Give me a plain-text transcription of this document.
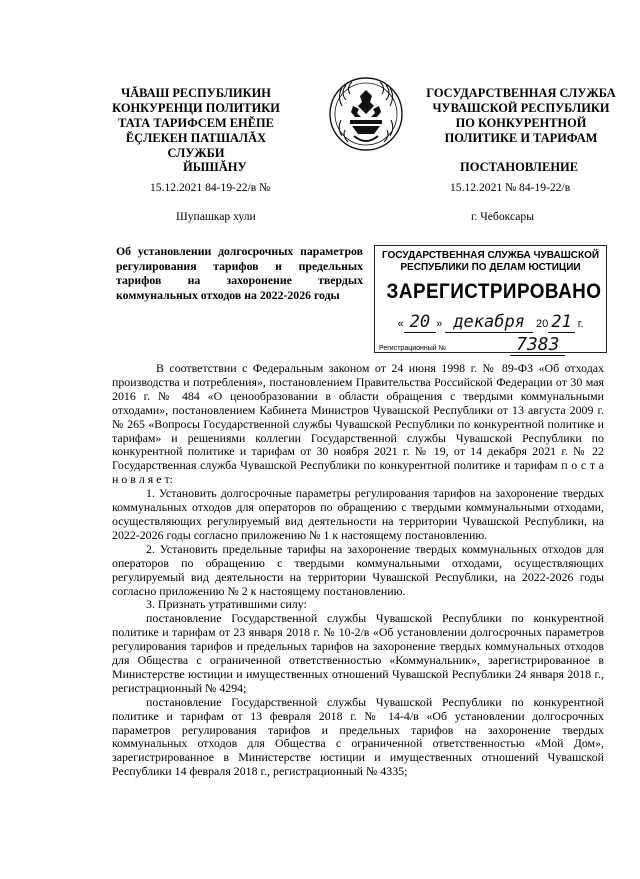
ЧĂВАШ РЕСПУБЛИКИН
КОНКУРЕНЦИ ПОЛИТИКИ
ТАТА ТАРИФСЕМ ЕНĔПЕ
ĔÇЛЕКЕН ПАТШАЛĂХ СЛУЖБИ
ГОСУДАРСТВЕННАЯ СЛУЖБА
ЧУВАШСКОЙ РЕСПУБЛИКИ
ПО КОНКУРЕНТНОЙ
ПОЛИТИКЕ И ТАРИФАМ
ЙЫШĂНУ	ПОСТАНОВЛЕНИЕ
15.12.2021 84-19-22/в №	15.12.2021 № 84-19-22/в
Шупашкар хули	г. Чебоксары
Об установлении долгосрочных параметров регулирования тарифов и предельных тарифов на захоронение твердых коммунальных отходов на 2022-2026 годы
ГОСУДАРСТВЕННАЯ СЛУЖБА ЧУВАШСКОЙ
РЕСПУБЛИКИ ПО ДЕЛАМ ЮСТИЦИИ
ЗАРЕГИСТРИРОВАНО
« 20 » декабря 20 21 г.
Регистрационный №	7383

В соответствии с Федеральным законом от 24 июня 1998 г. № 89-ФЗ «Об отходах производства и потребления», постановлением Правительства Российской Федерации от 30 мая 2016 г. № 484 «О ценообразовании в области обращения с твердыми коммунальными отходами», постановлением Кабинета Министров Чувашской Республики от 13 августа 2009 г. № 265 «Вопросы Государственной службы Чувашской Республики по конкурентной политике и тарифам» и решениями коллегии Государственной службы Чувашской Республики по конкурентной политике и тарифам от 30 ноября 2021 г. № 19, от 14 декабря 2021 г. № 22 Государственная служба Чувашской Республики по конкурентной политике и тарифам п о с т а н о в л я е т:

1. Установить долгосрочные параметры регулирования тарифов на захоронение твердых коммунальных отходов для операторов по обращению с твердыми коммунальными отходами, осуществляющих регулируемый вид деятельности на территории Чувашской Республики, на 2022-2026 годы согласно приложению № 1 к настоящему постановлению.

2. Установить предельные тарифы на захоронение твердых коммунальных отходов для операторов по обращению с твердыми коммунальными отходами, осуществляющих регулируемый вид деятельности на территории Чувашской Республики, на 2022-2026 годы согласно приложению № 2 к настоящему постановлению.

3. Признать утратившими силу:

постановление Государственной службы Чувашской Республики по конкурентной политике и тарифам от 23 января 2018 г. № 10-2/в «Об установлении долгосрочных параметров регулирования тарифов и предельных тарифов на захоронение твердых коммунальных отходов для Общества с ограниченной ответственностью «Коммунальник», зарегистрированное в Министерстве юстиции и имущественных отношений Чувашской Республики 24 января 2018 г., регистрационный № 4294;

постановление Государственной службы Чувашской Республики по конкурентной политике и тарифам от 13 февраля 2018 г. № 14-4/в «Об установлении долгосрочных параметров регулирования тарифов и предельных тарифов на захоронение твердых коммунальных отходов для Общества с ограниченной ответственностью «Мой Дом», зарегистрированное в Министерстве юстиции и имущественных отношений Чувашской Республики 14 февраля 2018 г., регистрационный № 4335;
